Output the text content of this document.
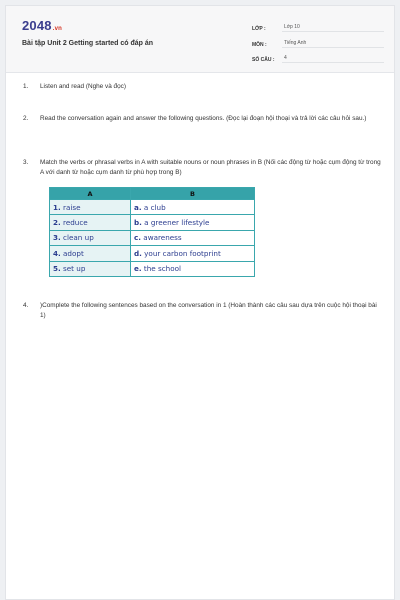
2048.vn
Bài tập Unit 2 Getting started có đáp án
LỚP :	Lớp 10
MÔN :	Tiếng Anh
SỐ CÂU :	4
1. Listen and read (Nghe và đọc)
2. Read the conversation again and answer the following questions. (Đọc lại đoạn hội thoại và trả lời các câu hỏi sau.)
3. Match the verbs or phrasal verbs in A with suitable nouns or noun phrases in B (Nối các động từ hoặc cụm động từ trong A với danh từ hoặc cụm danh từ phù hợp trong B)
A	B
1. raise	a. a club
2. reduce	b. a greener lifestyle
3. clean up	c. awareness
4. adopt	d. your carbon footprint
5. set up	e. the school
4. )Complete the following sentences based on the conversation in 1 (Hoàn thành các câu sau dựa trên cuộc hội thoại bài 1)
